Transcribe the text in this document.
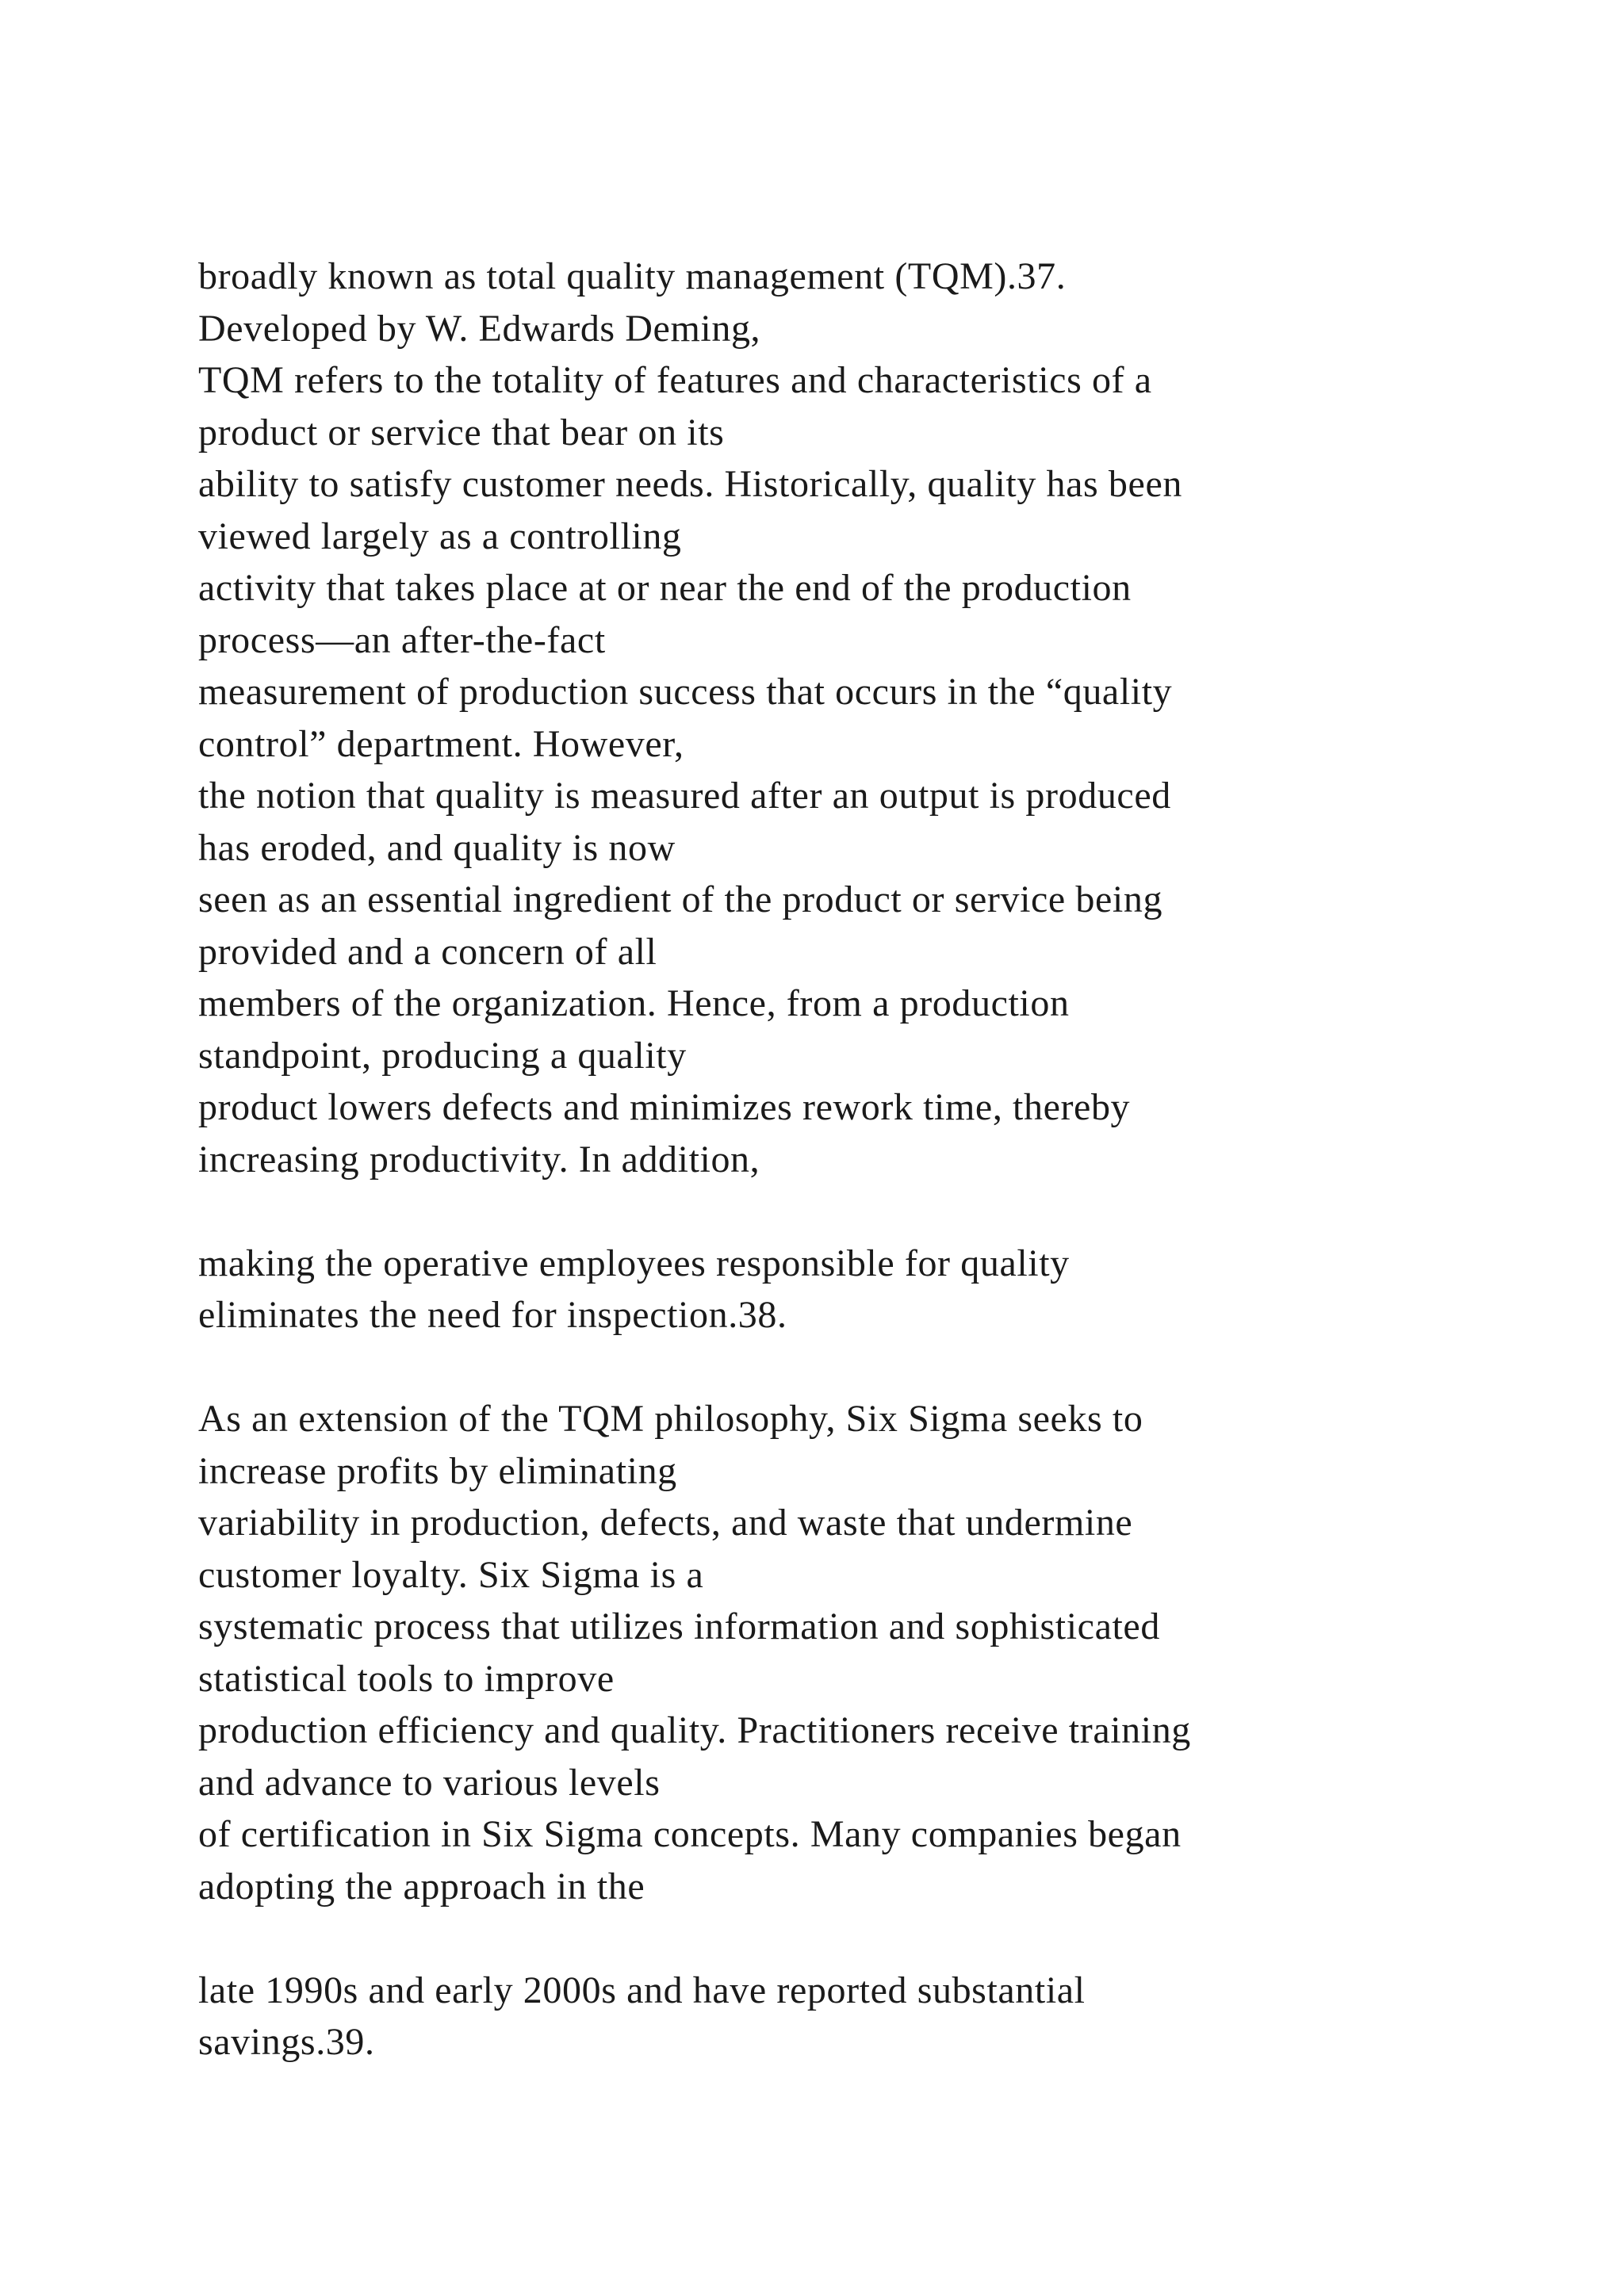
broadly known as total quality management (TQM).37.
Developed by W. Edwards Deming,
TQM refers to the totality of features and characteristics of a
product or service that bear on its
ability to satisfy customer needs. Historically, quality has been
viewed largely as a controlling
activity that takes place at or near the end of the production
process—an after-the-fact
measurement of production success that occurs in the “quality
control” department. However,
the notion that quality is measured after an output is produced
has eroded, and quality is now
seen as an essential ingredient of the product or service being
provided and a concern of all
members of the organization. Hence, from a production
standpoint, producing a quality
product lowers defects and minimizes rework time, thereby
increasing productivity. In addition,
making the operative employees responsible for quality
eliminates the need for inspection.38.
As an extension of the TQM philosophy, Six Sigma seeks to
increase profits by eliminating
variability in production, defects, and waste that undermine
customer loyalty. Six Sigma is a
systematic process that utilizes information and sophisticated
statistical tools to improve
production efficiency and quality. Practitioners receive training
and advance to various levels
of certification in Six Sigma concepts. Many companies began
adopting the approach in the
late 1990s and early 2000s and have reported substantial
savings.39.
